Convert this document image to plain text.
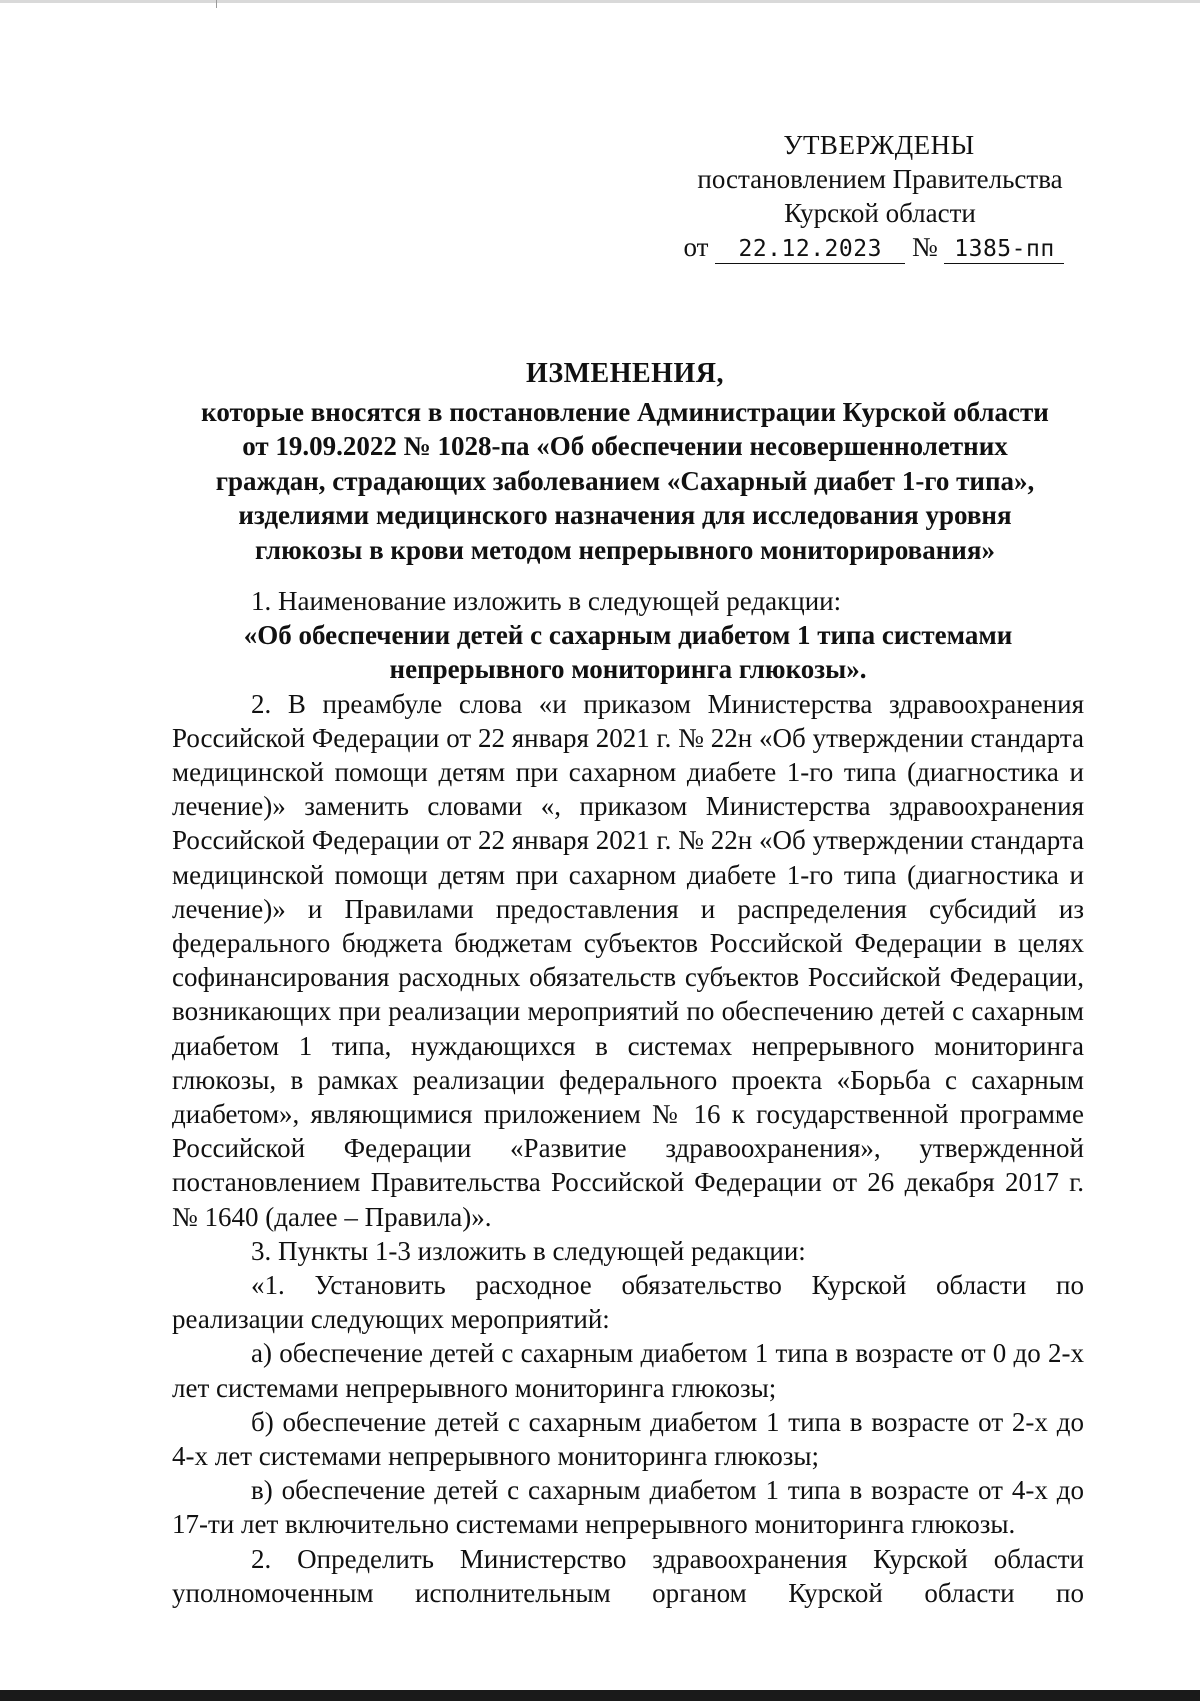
УТВЕРЖДЕНЫ
постановлением Правительства
Курской области
от 22.12.2023 № 1385-пп
ИЗМЕНЕНИЯ,
которые вносятся в постановление Администрации Курской области
от 19.09.2022 № 1028-па «Об обеспечении несовершеннолетних
граждан, страдающих заболеванием «Сахарный диабет 1-го типа»,
изделиями медицинского назначения для исследования уровня
глюкозы в крови методом непрерывного мониторирования»

1. Наименование изложить в следующей редакции:

«Об обеспечении детей с сахарным диабетом 1 типа системами
непрерывного мониторинга глюкозы».

2. В преамбуле слова «и приказом Министерства здравоохранения Российской Федерации от 22 января 2021 г. № 22н «Об утверждении стандарта медицинской помощи детям при сахарном диабете 1-го типа (диагностика и лечение)» заменить словами «, приказом Министерства здравоохранения Российской Федерации от 22 января 2021 г. № 22н «Об утверждении стандарта медицинской помощи детям при сахарном диабете 1-го типа (диагностика и лечение)» и Правилами предоставления и распределения субсидий из федерального бюджета бюджетам субъектов Российской Федерации в целях софинансирования расходных обязательств субъектов Российской Федерации, возникающих при реализации мероприятий по обеспечению детей с сахарным диабетом 1 типа, нуждающихся в системах непрерывного мониторинга глюкозы, в рамках реализации федерального проекта «Борьба с сахарным диабетом», являющимися приложением № 16 к государственной программе Российской Федерации «Развитие здравоохранения», утвержденной постановлением Правительства Российской Федерации от 26 декабря 2017 г. № 1640 (далее – Правила)».

3. Пункты 1-3 изложить в следующей редакции:

«1. Установить расходное обязательство Курской области по реализации следующих мероприятий:

а) обеспечение детей с сахарным диабетом 1 типа в возрасте от 0 до 2-х лет системами непрерывного мониторинга глюкозы;

б) обеспечение детей с сахарным диабетом 1 типа в возрасте от 2-х до 4-х лет системами непрерывного мониторинга глюкозы;

в) обеспечение детей с сахарным диабетом 1 типа в возрасте от 4-х до 17-ти лет включительно системами непрерывного мониторинга глюкозы.

2. Определить Министерство здравоохранения Курской области уполномоченным исполнительным органом Курской области по
